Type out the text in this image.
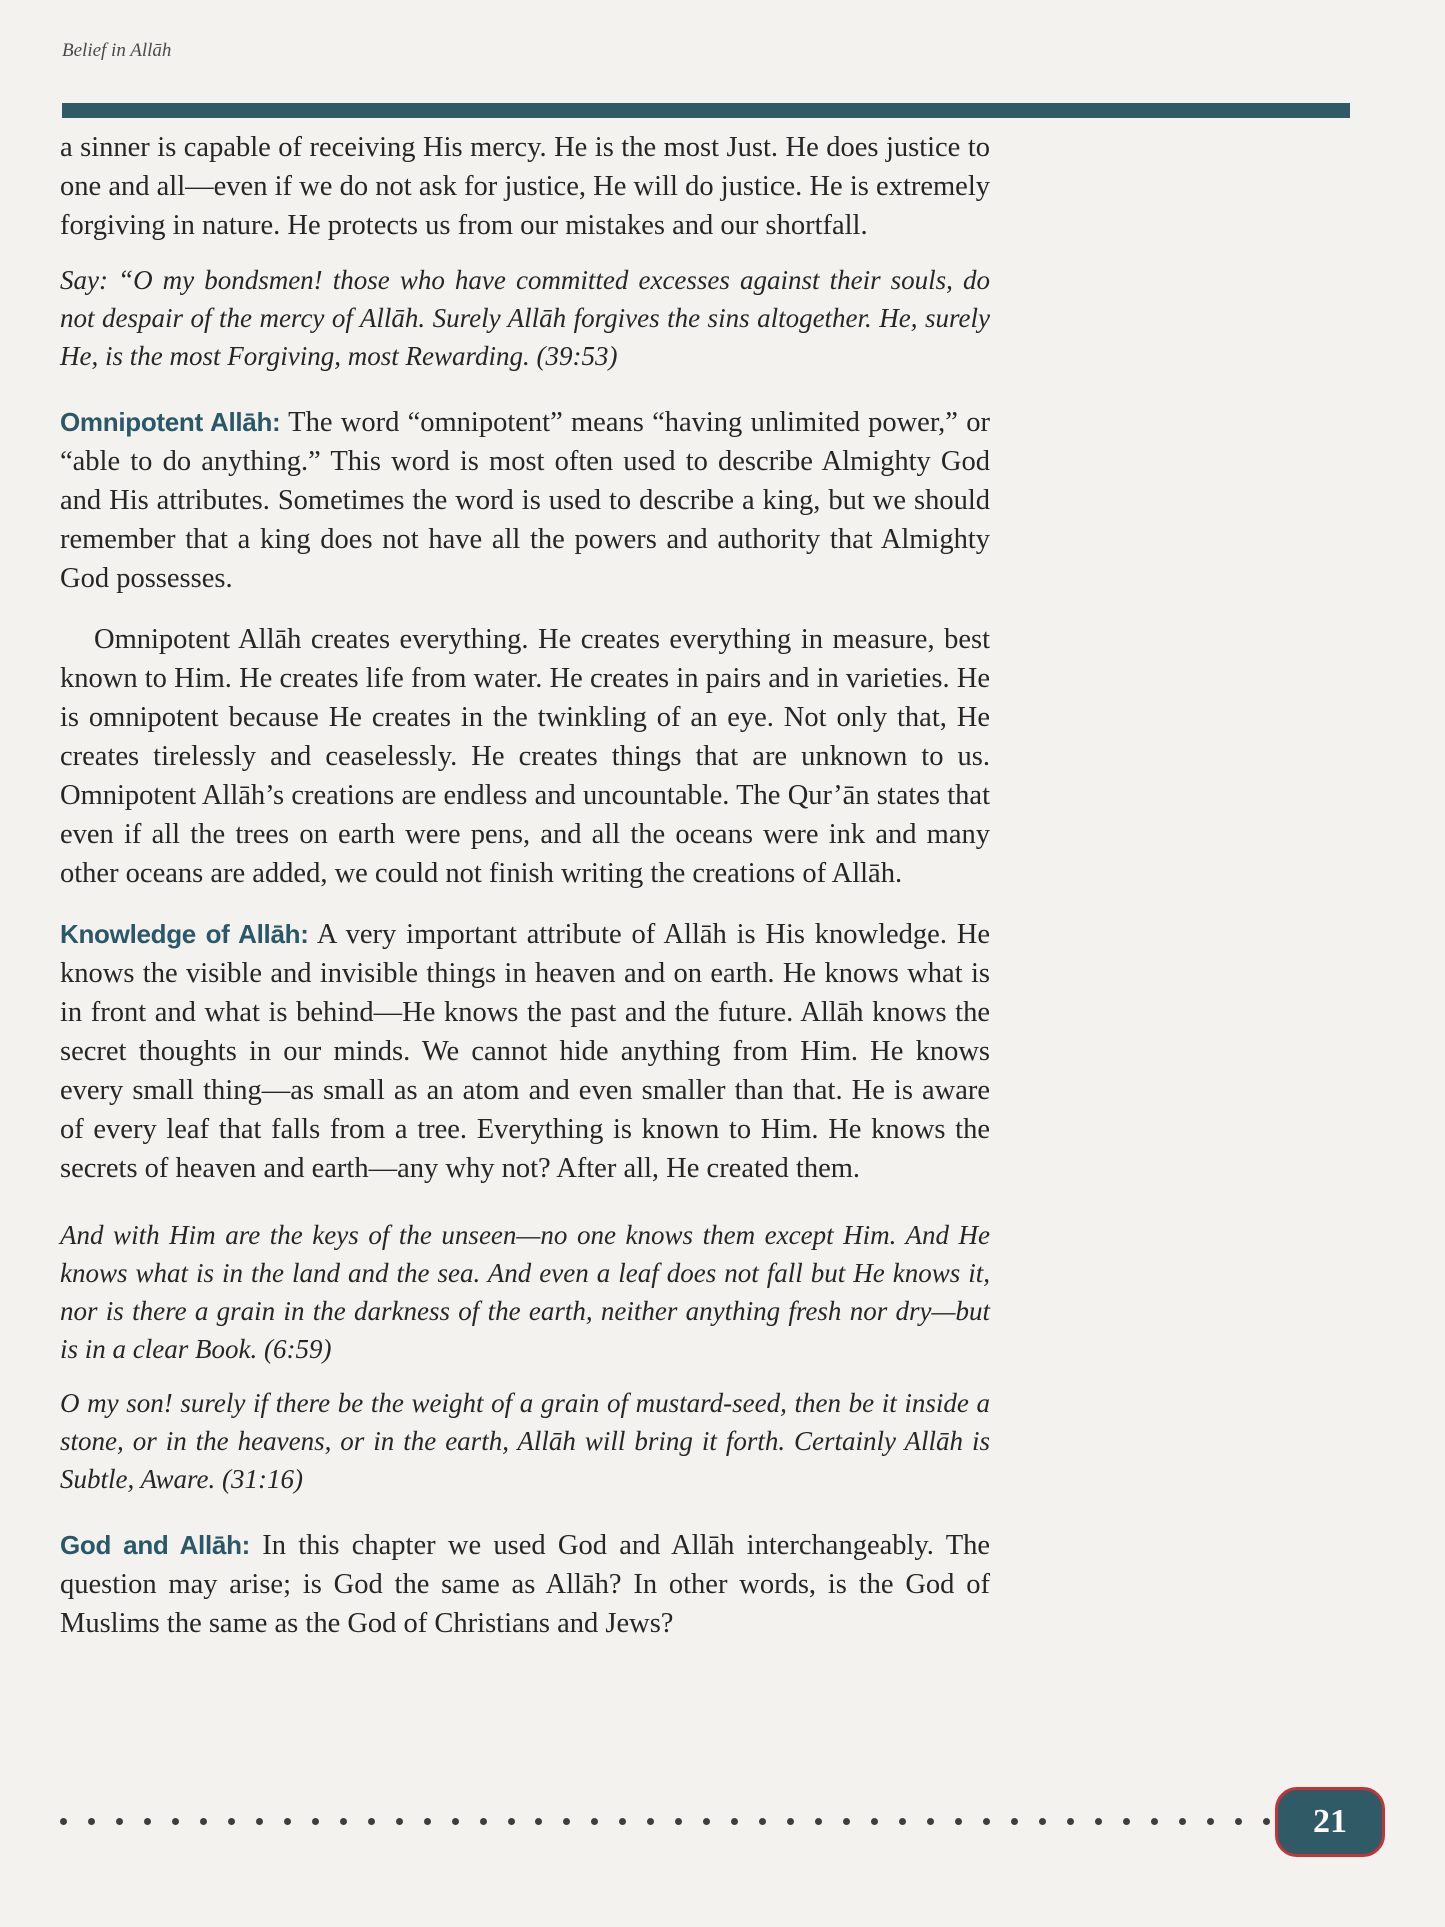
Belief in Allāh

a sinner is capable of receiving His mercy. He is the most Just. He does justice to one and all—even if we do not ask for justice, He will do justice. He is extremely forgiving in nature. He protects us from our mistakes and our shortfall.

Say: “O my bondsmen! those who have committed excesses against their souls, do not despair of the mercy of Allāh. Surely Allāh forgives the sins altogether. He, surely He, is the most Forgiving, most Rewarding. (39:53)

Omnipotent Allāh: The word “omnipotent” means “having unlimited power,” or “able to do anything.” This word is most often used to describe Almighty God and His attributes. Sometimes the word is used to describe a king, but we should remember that a king does not have all the powers and authority that Almighty God possesses.

Omnipotent Allāh creates everything. He creates everything in measure, best known to Him. He creates life from water. He creates in pairs and in varieties. He is omnipotent because He creates in the twinkling of an eye. Not only that, He creates tirelessly and ceaselessly. He creates things that are unknown to us. Omnipotent Allāh’s creations are endless and uncountable. The Qur’ān states that even if all the trees on earth were pens, and all the oceans were ink and many other oceans are added, we could not finish writing the creations of Allāh.

Knowledge of Allāh: A very important attribute of Allāh is His knowledge. He knows the visible and invisible things in heaven and on earth. He knows what is in front and what is behind—He knows the past and the future. Allāh knows the secret thoughts in our minds. We cannot hide anything from Him. He knows every small thing—as small as an atom and even smaller than that. He is aware of every leaf that falls from a tree. Everything is known to Him. He knows the secrets of heaven and earth—any why not? After all, He created them.

And with Him are the keys of the unseen—no one knows them except Him. And He knows what is in the land and the sea. And even a leaf does not fall but He knows it, nor is there a grain in the darkness of the earth, neither anything fresh nor dry—but is in a clear Book. (6:59)

O my son! surely if there be the weight of a grain of mustard-seed, then be it inside a stone, or in the heavens, or in the earth, Allāh will bring it forth. Certainly Allāh is Subtle, Aware. (31:16)

God and Allāh: In this chapter we used God and Allāh interchangeably. The question may arise; is God the same as Allāh? In other words, is the God of Muslims the same as the God of Christians and Jews?

21
